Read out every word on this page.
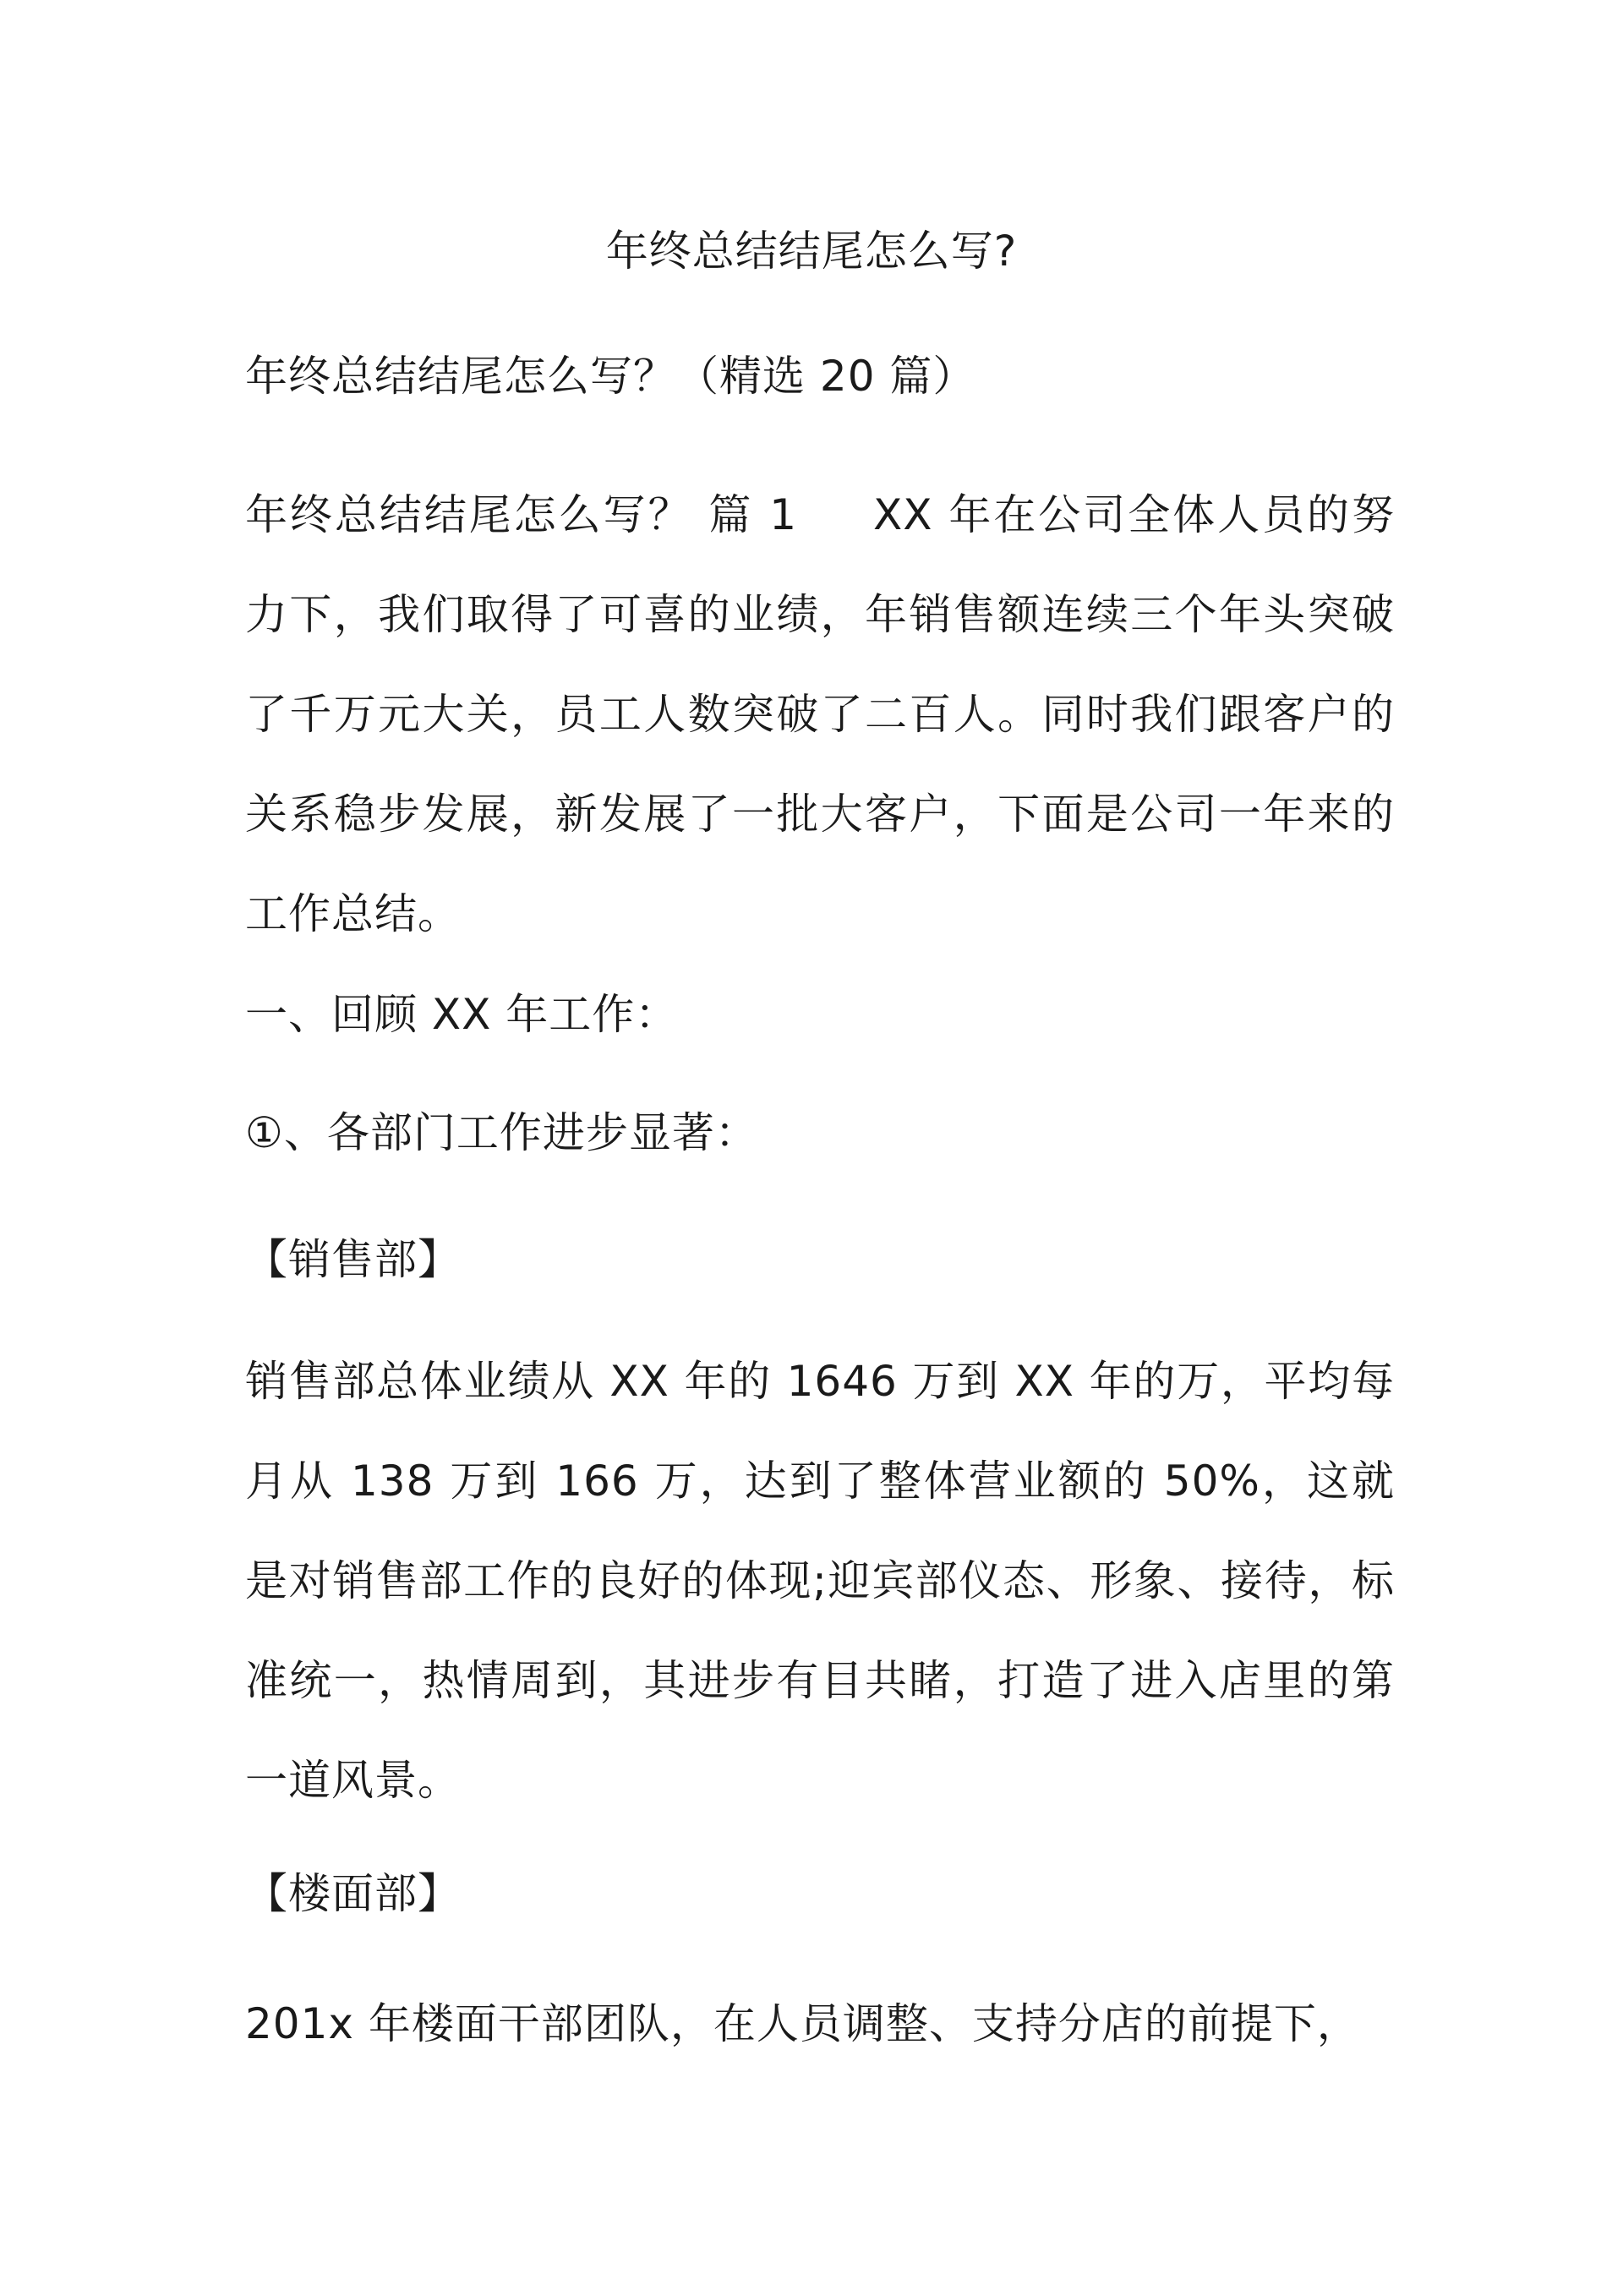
年终总结结尾怎么写?
年终总结结尾怎么写？（精选 20 篇）
年终总结结尾怎么写？ 篇 1 XX 年在公司全体人员的努力下，我们取得了可喜的业绩，年销售额连续三个年头突破了千万元大关，员工人数突破了二百人。同时我们跟客户的关系稳步发展，新发展了一批大客户，下面是公司一年来的工作总结。
一、回顾 XX 年工作：
①、各部门工作进步显著：
【销售部】
销售部总体业绩从 XX 年的 1646 万到 XX 年的万，平均每月从 138 万到 166 万，达到了整体营业额的 50%，这就是对销售部工作的良好的体现;迎宾部仪态、形象、接待，标准统一，热情周到，其进步有目共睹，打造了进入店里的第一道风景。
【楼面部】
201x 年楼面干部团队，在人员调整、支持分店的前提下，
